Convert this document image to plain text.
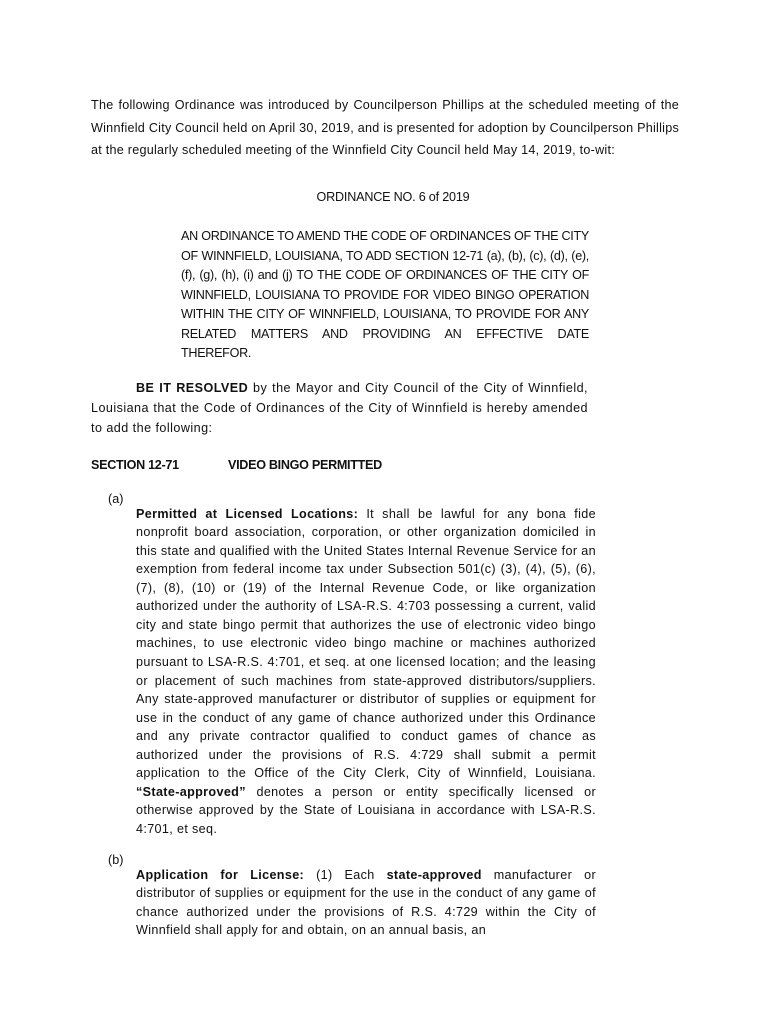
The following Ordinance was introduced by Councilperson Phillips at the scheduled meeting of the Winnfield City Council held on April 30, 2019, and is presented for adoption by Councilperson Phillips at the regularly scheduled meeting of the Winnfield City Council held May 14, 2019, to-wit:

ORDINANCE NO. 6 of 2019

AN ORDINANCE TO AMEND THE CODE OF ORDINANCES OF THE CITY OF WINNFIELD, LOUISIANA, TO ADD SECTION 12-71 (a), (b), (c), (d), (e), (f), (g), (h), (i) and (j) TO THE CODE OF ORDINANCES OF THE CITY OF WINNFIELD, LOUISIANA TO PROVIDE FOR VIDEO BINGO OPERATION WITHIN THE CITY OF WINNFIELD, LOUISIANA, TO PROVIDE FOR ANY RELATED MATTERS AND PROVIDING AN EFFECTIVE DATE THEREFOR.

BE IT RESOLVED by the Mayor and City Council of the City of Winnfield, Louisiana that the Code of Ordinances of the City of Winnfield is hereby amended to add the following:

SECTION 12-71	VIDEO BINGO PERMITTED
(a)

Permitted at Licensed Locations: It shall be lawful for any bona fide nonprofit board association, corporation, or other organization domiciled in this state and qualified with the United States Internal Revenue Service for an exemption from federal income tax under Subsection 501(c) (3), (4), (5), (6), (7), (8), (10) or (19) of the Internal Revenue Code, or like organization authorized under the authority of LSA-R.S. 4:703 possessing a current, valid city and state bingo permit that authorizes the use of electronic video bingo machines, to use electronic video bingo machine or machines authorized pursuant to LSA-R.S. 4:701, et seq. at one licensed location; and the leasing or placement of such machines from state-approved distributors/suppliers. Any state-approved manufacturer or distributor of supplies or equipment for use in the conduct of any game of chance authorized under this Ordinance and any private contractor qualified to conduct games of chance as authorized under the provisions of R.S. 4:729 shall submit a permit application to the Office of the City Clerk, City of Winnfield, Louisiana. “State-approved” denotes a person or entity specifically licensed or otherwise approved by the State of Louisiana in accordance with LSA-R.S. 4:701, et seq.

(b)

Application for License: (1) Each state-approved manufacturer or distributor of supplies or equipment for the use in the conduct of any game of chance authorized under the provisions of R.S. 4:729 within the City of Winnfield shall apply for and obtain, on an annual basis, an
